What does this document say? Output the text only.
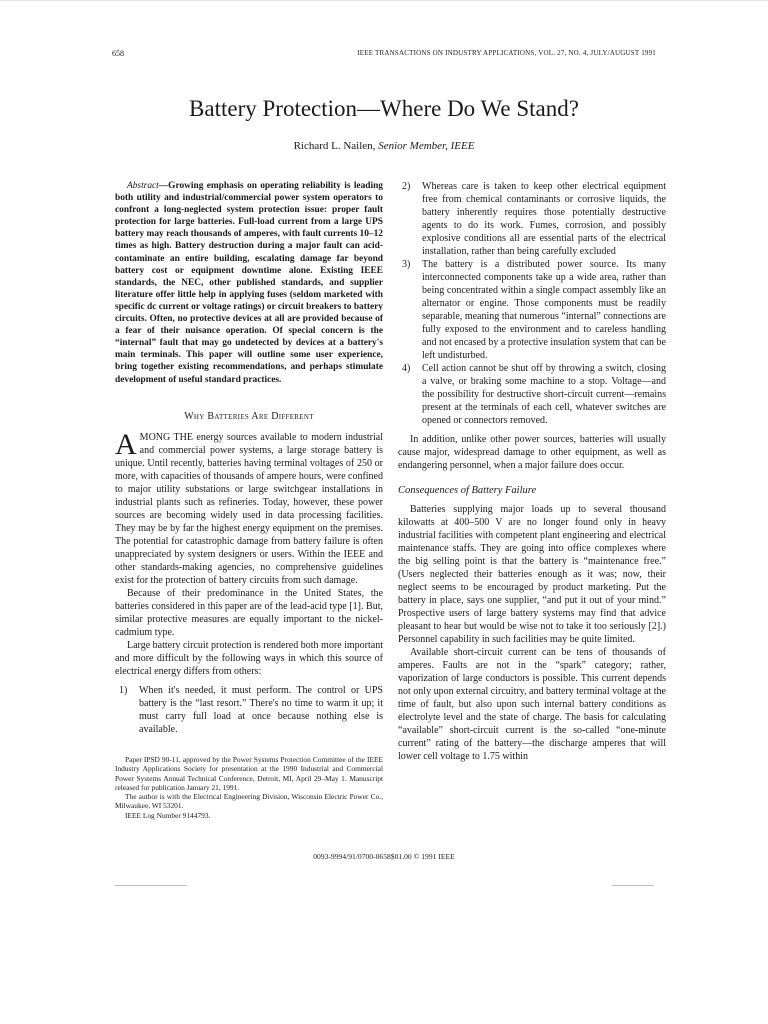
658	IEEE TRANSACTIONS ON INDUSTRY APPLICATIONS, VOL. 27, NO. 4, JULY/AUGUST 1991
Battery Protection—Where Do We Stand?
Richard L. Nailen, Senior Member, IEEE

Abstract—Growing emphasis on operating reliability is leading both utility and industrial/commercial power system operators to confront a long-neglected system protection issue: proper fault protection for large batteries. Full-load current from a large UPS battery may reach thousands of amperes, with fault currents 10–12 times as high. Battery destruction during a major fault can acid-contaminate an entire building, escalating damage far beyond battery cost or equipment downtime alone. Existing IEEE standards, the NEC, other published standards, and supplier literature offer little help in applying fuses (seldom marketed with specific dc current or voltage ratings) or circuit breakers to battery circuits. Often, no protective devices at all are provided because of a fear of their nuisance operation. Of special concern is the “internal” fault that may go undetected by devices at a battery's main terminals. This paper will outline some user experience, bring together existing recommendations, and perhaps stimulate development of useful standard practices.

Why Batteries Are Different

AMONG THE energy sources available to modern industrial and commercial power systems, a large storage battery is unique. Until recently, batteries having terminal voltages of 250 or more, with capacities of thousands of ampere hours, were confined to major utility substations or large switchgear installations in industrial plants such as refineries. Today, however, these power sources are becoming widely used in data processing facilities. They may be by far the highest energy equipment on the premises. The potential for catastrophic damage from battery failure is often unappreciated by system designers or users. Within the IEEE and other standards-making agencies, no comprehensive guidelines exist for the protection of battery circuits from such damage.

Because of their predominance in the United States, the batteries considered in this paper are of the lead-acid type [1]. But, similar protective measures are equally important to the nickel-cadmium type.

Large battery circuit protection is rendered both more important and more difficult by the following ways in which this source of electrical energy differs from others:

1) When it's needed, it must perform. The control or UPS battery is the “last resort.” There's no time to warm it up; it must carry full load at once because nothing else is available.

Paper IPSD 90-11, approved by the Power Systems Protection Committee of the IEEE Industry Applications Society for presentation at the 1990 Industrial and Commercial Power Systems Annual Technical Conference, Detroit, MI, April 29–May 1. Manuscript released for publication January 21, 1991.

The author is with the Electrical Engineering Division, Wisconsin Electric Power Co., Milwaukee, WI 53201.

IEEE Log Number 9144793.

2) Whereas care is taken to keep other electrical equipment free from chemical contaminants or corrosive liquids, the battery inherently requires those potentially destructive agents to do its work. Fumes, corrosion, and possibly explosive conditions all are essential parts of the electrical installation, rather than being carefully excluded
3) The battery is a distributed power source. Its many interconnected components take up a wide area, rather than being concentrated within a single compact assembly like an alternator or engine. Those components must be readily separable, meaning that numerous “internal” connections are fully exposed to the environment and to careless handling and not encased by a protective insulation system that can be left undisturbed.
4) Cell action cannot be shut off by throwing a switch, closing a valve, or braking some machine to a stop. Voltage—and the possibility for destructive short-circuit current—remains present at the terminals of each cell, whatever switches are opened or connectors removed.

In addition, unlike other power sources, batteries will usually cause major, widespread damage to other equipment, as well as endangering personnel, when a major failure does occur.

Consequences of Battery Failure

Batteries supplying major loads up to several thousand kilowatts at 400–500 V are no longer found only in heavy industrial facilities with competent plant engineering and electrical maintenance staffs. They are going into office complexes where the big selling point is that the battery is “maintenance free.” (Users neglected their batteries enough as it was; now, their neglect seems to be encouraged by product marketing. Put the battery in place, says one supplier, “and put it out of your mind.” Prospective users of large battery systems may find that advice pleasant to hear but would be wise not to take it too seriously [2].) Personnel capability in such facilities may be quite limited.

Available short-circuit current can be tens of thousands of amperes. Faults are not in the “spark” category; rather, vaporization of large conductors is possible. This current depends not only upon external circuitry, and battery terminal voltage at the time of fault, but also upon such internal battery conditions as electrolyte level and the state of charge. The basis for calculating “available” short-circuit current is the so-called “one-minute current” rating of the battery—the discharge amperes that will lower cell voltage to 1.75 within

0093-9994/91/0700-0658$01.00 © 1991 IEEE
